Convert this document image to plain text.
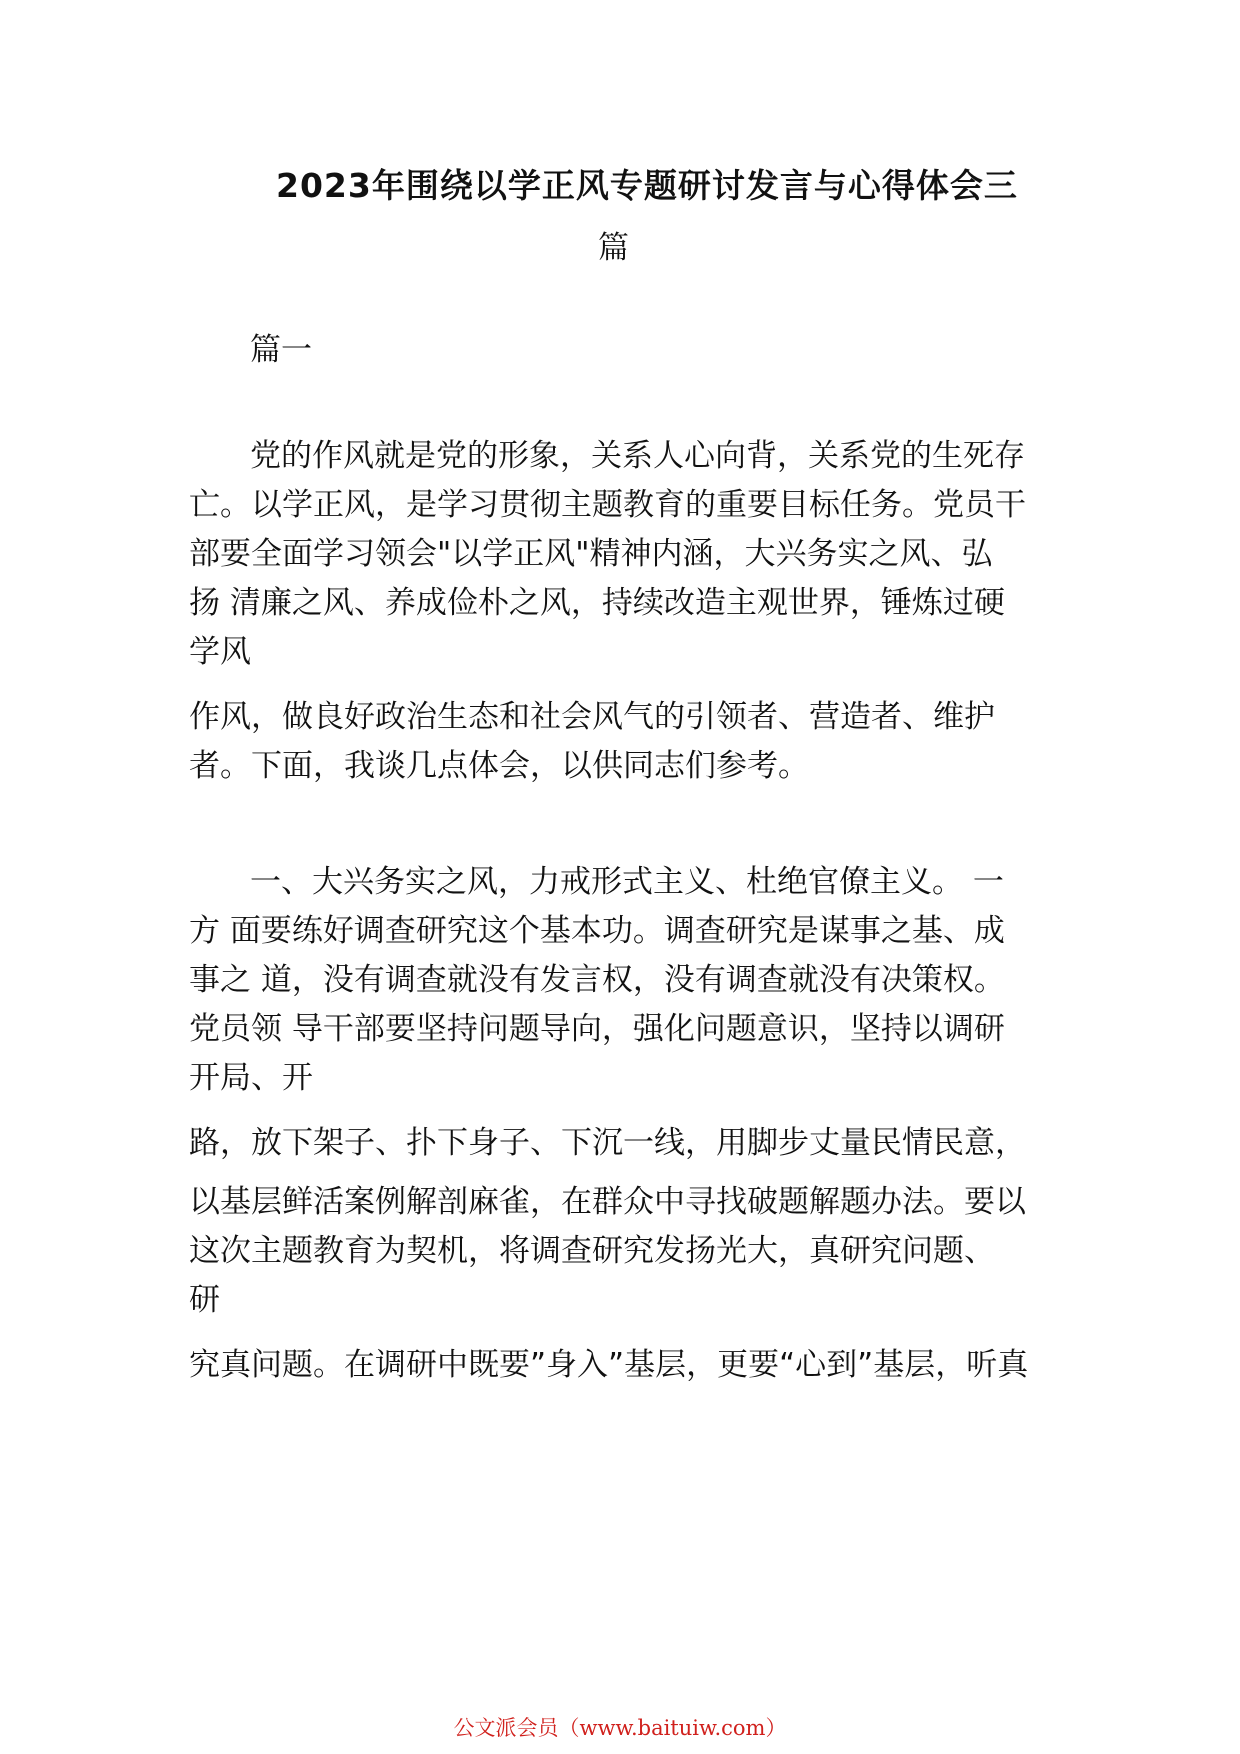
2023年围绕以学正风专题研讨发言与心得体会三
篇
篇一
党的作风就是党的形象，关系人心向背，关系党的生死存
亡。以学正风，是学习贯彻主题教育的重要目标任务。党员干
部要全面学习领会"以学正风"精神内涵，大兴务实之风、弘
扬 清廉之风、养成俭朴之风，持续改造主观世界，锤炼过硬
学风
作风，做良好政治生态和社会风气的引领者、营造者、维护
者。下面，我谈几点体会，以供同志们参考。
一、大兴务实之风，力戒形式主义、杜绝官僚主义。 一
方 面要练好调查研究这个基本功。调查研究是谋事之基、成
事之 道，没有调查就没有发言权，没有调查就没有决策权。
党员领 导干部要坚持问题导向，强化问题意识，坚持以调研
开局、开
路，放下架子、扑下身子、下沉一线，用脚步丈量民情民意，
以基层鲜活案例解剖麻雀，在群众中寻找破题解题办法。要以
这次主题教育为契机，将调查研究发扬光大，真研究问题、
研
究真问题。在调研中既要”身入”基层，更要“心到”基层，听真
公文派会员（www.baituiw.com）
